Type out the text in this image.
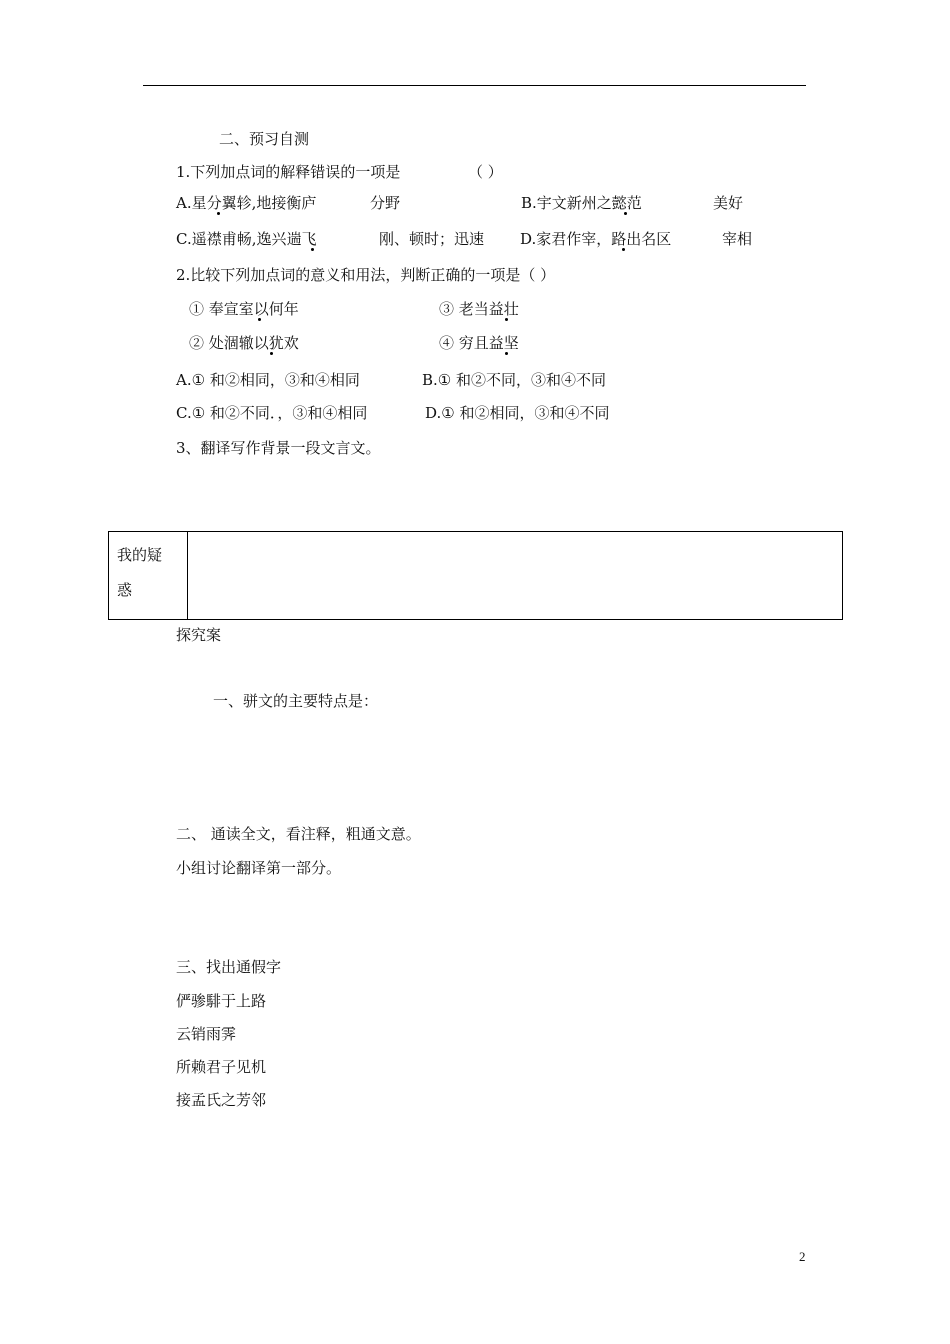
二、预习自测
1.下列加点词的解释错误的一项是	（ ）
A.星分翼轸,地接衡庐	分野	B.宇文新州之懿范	美好
C.遥襟甫畅,逸兴遄飞	刚、顿时；迅速 D.家君作宰，路出名区	宰相
2.比较下列加点词的意义和用法，判断正确的一项是（ ）
① 奉宣室以何年	③ 老当益壮
② 处涸辙以犹欢	④ 穷且益坚
A.① 和②相同，③和④相同	B.① 和②不同，③和④不同
C.① 和②不同．，③和④相同	D.① 和②相同，③和④不同
3、翻译写作背景一段文言文。
我的疑
惑

探究案
一、骈文的主要特点是：
二、 通读全文，看注释，粗通文意。
小组讨论翻译第一部分。
三、找出通假字
俨骖騑于上路
云销雨霁
所赖君子见机
接孟氏之芳邻
2
